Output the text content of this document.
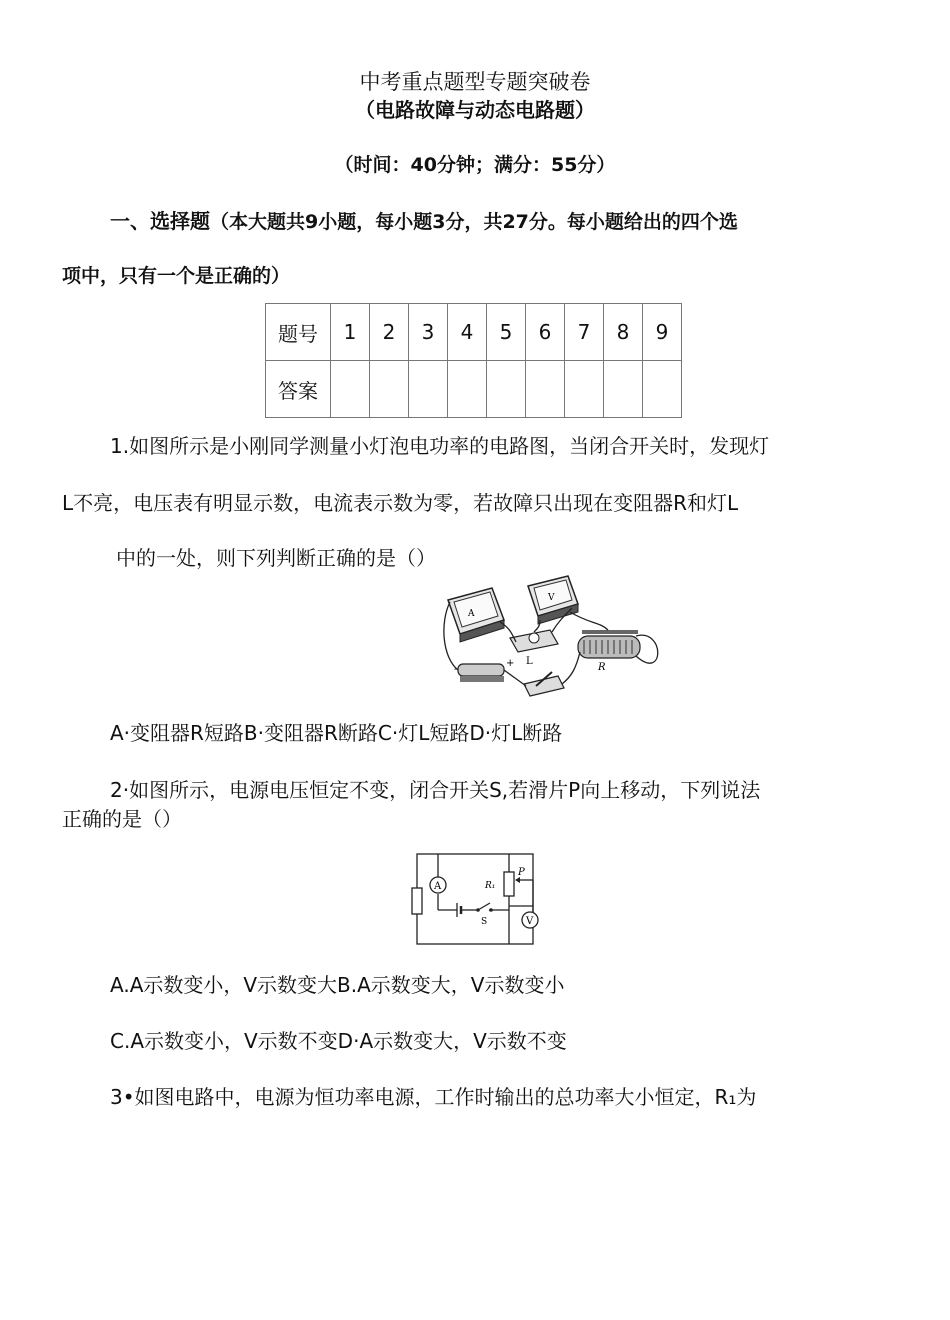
中考重点题型专题突破卷
（电路故障与动态电路题）
（时间：40分钟；满分：55分）
一、选择题（本大题共9小题，每小题3分，共27分。每小题给出的四个选
项中，只有一个是正确的）
题号	1	2	3	4	5	6	7	8	9
答案									
1.如图所示是小刚同学测量小灯泡电功率的电路图，当闭合开关时，发现灯
L不亮，电压表有明显示数，电流表示数为零，若故障只出现在变阻器R和灯L
中的一处，则下列判断正确的是（）
A
V
L
R
-
+
A·变阻器R短路B·变阻器R断路C·灯L短路D·灯L断路
2·如图所示，电源电压恒定不变，闭合开关S,若滑片P向上移动，下列说法
正确的是（）
A
S
R₁
P
V
A.A示数变小，V示数变大B.A示数变大，V示数变小
C.A示数变小，V示数不变D·A示数变大，V示数不变
3•如图电路中，电源为恒功率电源，工作时输出的总功率大小恒定，R₁为
